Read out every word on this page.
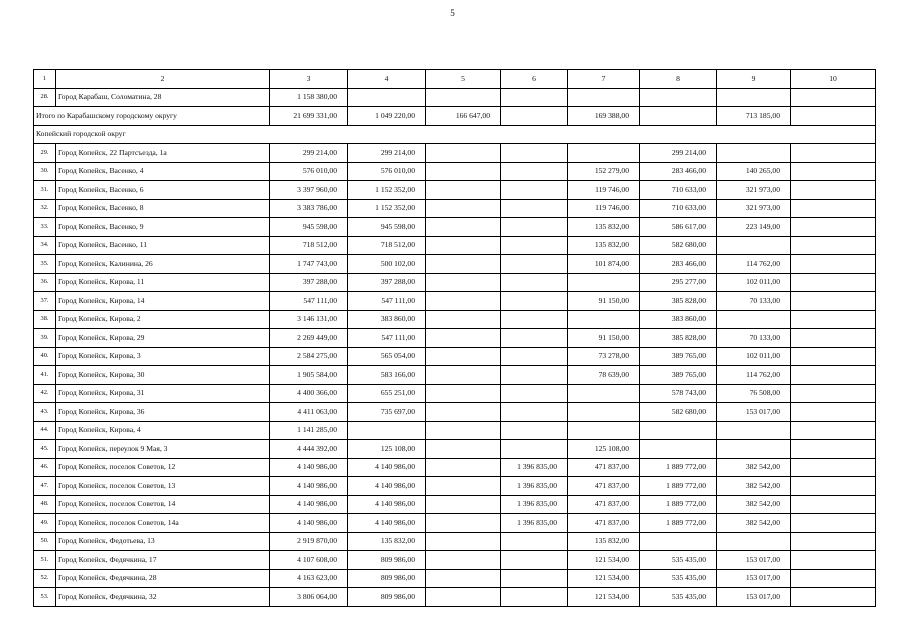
5
1	2	3	4	5	6	7	8	9	10
28.	Город Карабаш, Соломатина, 28	1 158 380,00							
Итого по Карабашскому городскому округу		21 699 331,00	1 049 220,00	166 647,00		169 388,00		713 185,00	
Копейский городской округ									
29.	Город Копейск, 22 Партсъезда, 1а	299 214,00	299 214,00				299 214,00		
30.	Город Копейск, Васенко, 4	576 010,00	576 010,00			152 279,00	283 466,00	140 265,00	
31.	Город Копейск, Васенко, 6	3 397 960,00	1 152 352,00			119 746,00	710 633,00	321 973,00	
32.	Город Копейск, Васенко, 8	3 383 786,00	1 152 352,00			119 746,00	710 633,00	321 973,00	
33.	Город Копейск, Васенко, 9	945 598,00	945 598,00			135 832,00	586 617,00	223 149,00	
34.	Город Копейск, Васенко, 11	718 512,00	718 512,00			135 832,00	582 680,00		
35.	Город Копейск, Калинина, 26	1 747 743,00	500 102,00			101 874,00	283 466,00	114 762,00	
36.	Город Копейск, Кирова, 11	397 288,00	397 288,00				295 277,00	102 011,00	
37.	Город Копейск, Кирова, 14	547 111,00	547 111,00			91 150,00	385 828,00	70 133,00	
38.	Город Копейск, Кирова, 2	3 146 131,00	383 860,00				383 860,00		
39.	Город Копейск, Кирова, 29	2 269 449,00	547 111,00			91 150,00	385 828,00	70 133,00	
40.	Город Копейск, Кирова, 3	2 584 275,00	565 054,00			73 278,00	389 765,00	102 011,00	
41.	Город Копейск, Кирова, 30	1 905 584,00	583 166,00			78 639,00	389 765,00	114 762,00	
42.	Город Копейск, Кирова, 31	4 400 366,00	655 251,00				578 743,00	76 508,00	
43.	Город Копейск, Кирова, 36	4 411 063,00	735 697,00				582 680,00	153 017,00	
44.	Город Копейск, Кирова, 4	1 141 285,00							
45.	Город Копейск, переулок 9 Мая, 3	4 444 392,00	125 108,00			125 108,00			
46.	Город Копейск, поселок Советов, 12	4 140 986,00	4 140 986,00		1 396 835,00	471 837,00	1 889 772,00	382 542,00	
47.	Город Копейск, поселок Советов, 13	4 140 986,00	4 140 986,00		1 396 835,00	471 837,00	1 889 772,00	382 542,00	
48.	Город Копейск, поселок Советов, 14	4 140 986,00	4 140 986,00		1 396 835,00	471 837,00	1 889 772,00	382 542,00	
49.	Город Копейск, поселок Советов, 14а	4 140 986,00	4 140 986,00		1 396 835,00	471 837,00	1 889 772,00	382 542,00	
50.	Город Копейск, Федотьева, 13	2 919 870,00	135 832,00			135 832,00			
51.	Город Копейск, Федячкина, 17	4 107 608,00	809 986,00			121 534,00	535 435,00	153 017,00	
52.	Город Копейск, Федячкина, 28	4 163 623,00	809 986,00			121 534,00	535 435,00	153 017,00	
53.	Город Копейск, Федячкина, 32	3 806 064,00	809 986,00			121 534,00	535 435,00	153 017,00	
